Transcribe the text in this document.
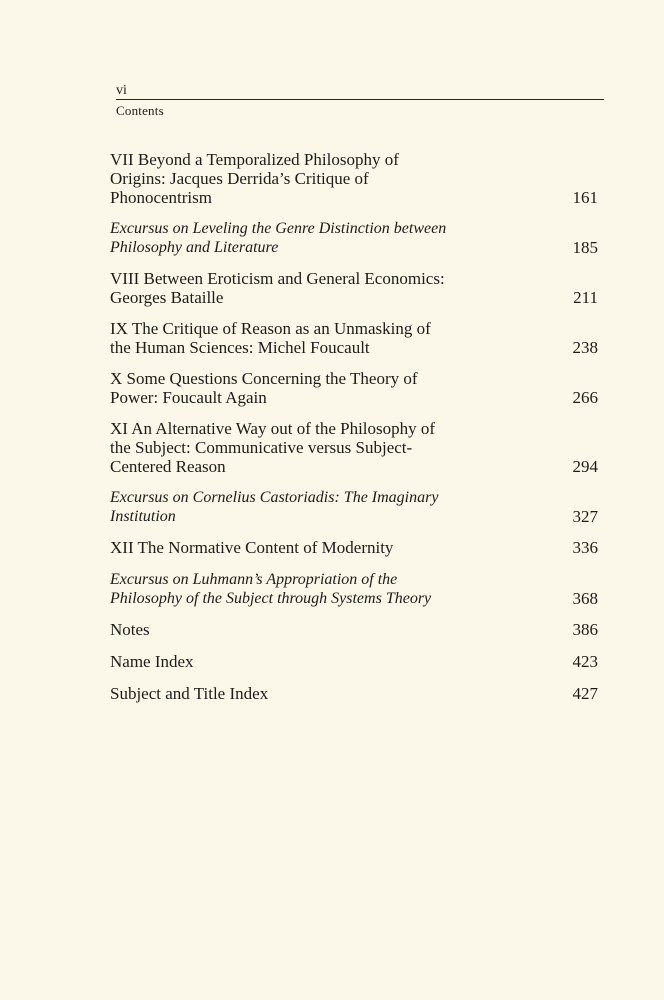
vi
Contents
VII Beyond a Temporalized Philosophy of
Origins: Jacques Derrida’s Critique of
Phonocentrism	161
Excursus on Leveling the Genre Distinction between
Philosophy and Literature	185
VIII Between Eroticism and General Economics:
Georges Bataille	211
IX The Critique of Reason as an Unmasking of
the Human Sciences: Michel Foucault	238
X Some Questions Concerning the Theory of
Power: Foucault Again	266
XI An Alternative Way out of the Philosophy of
the Subject: Communicative versus Subject-
Centered Reason	294
Excursus on Cornelius Castoriadis: The Imaginary
Institution	327
XII The Normative Content of Modernity	336
Excursus on Luhmann’s Appropriation of the
Philosophy of the Subject through Systems Theory	368
Notes	386
Name Index	423
Subject and Title Index	427
